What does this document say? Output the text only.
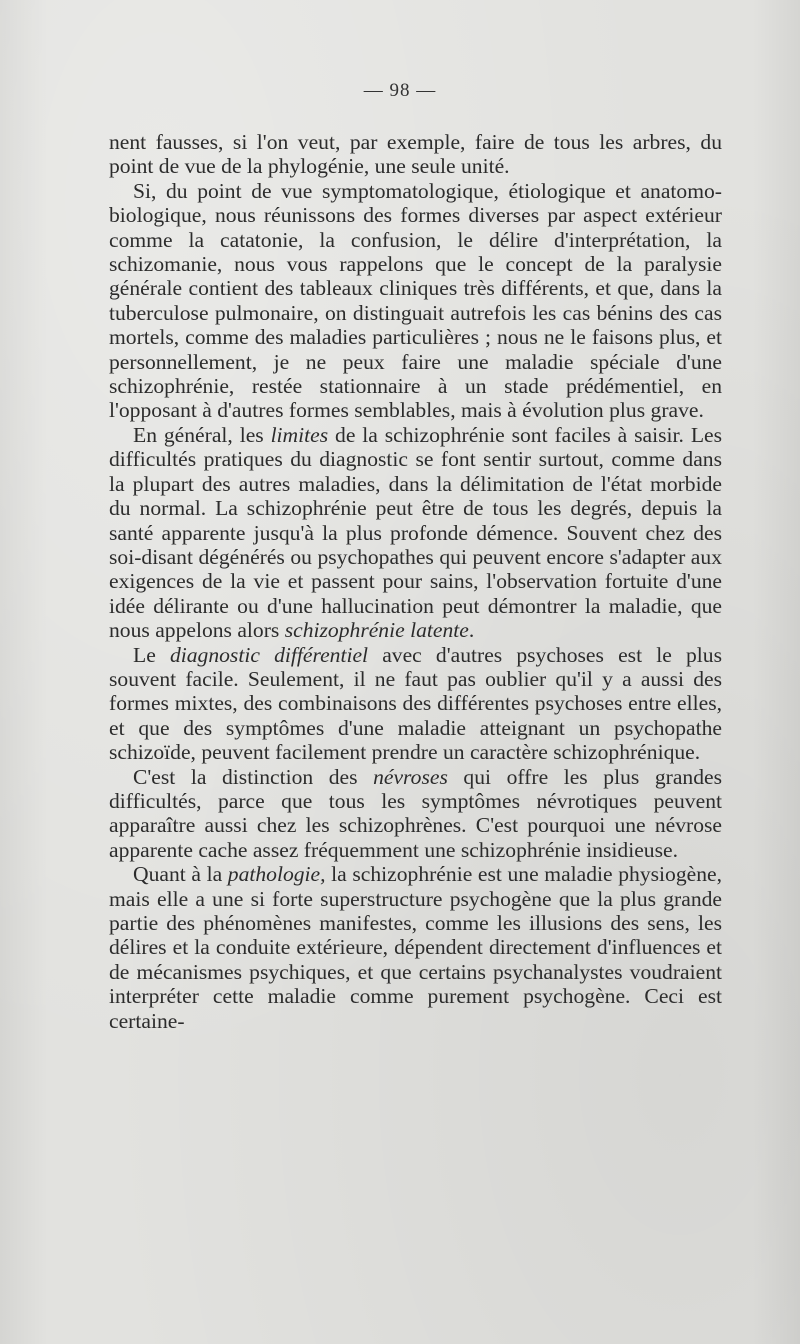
— 98 —

nent fausses, si l'on veut, par exemple, faire de tous les arbres, du point de vue de la phylogénie, une seule unité.

Si, du point de vue symptomatologique, étiologique et anatomo-biologique, nous réunissons des formes diverses par aspect extérieur comme la catatonie, la confusion, le délire d'interprétation, la schizomanie, nous vous rappelons que le concept de la paralysie générale contient des tableaux cliniques très différents, et que, dans la tuberculose pulmonaire, on distinguait autrefois les cas bénins des cas mortels, comme des maladies particulières ; nous ne le faisons plus, et personnellement, je ne peux faire une maladie spéciale d'une schizophrénie, restée stationnaire à un stade prédémentiel, en l'opposant à d'autres formes semblables, mais à évolution plus grave.

En général, les limites de la schizophrénie sont faciles à saisir. Les difficultés pratiques du diagnostic se font sentir surtout, comme dans la plupart des autres maladies, dans la délimitation de l'état morbide du normal. La schizophrénie peut être de tous les degrés, depuis la santé apparente jusqu'à la plus profonde démence. Souvent chez des soi-disant dégénérés ou psychopathes qui peuvent encore s'adapter aux exigences de la vie et passent pour sains, l'observation fortuite d'une idée délirante ou d'une hallucination peut démontrer la maladie, que nous appelons alors schizophrénie latente.

Le diagnostic différentiel avec d'autres psychoses est le plus souvent facile. Seulement, il ne faut pas oublier qu'il y a aussi des formes mixtes, des combinaisons des différentes psychoses entre elles, et que des symptômes d'une maladie atteignant un psychopathe schizoïde, peuvent facilement prendre un caractère schizophrénique.

C'est la distinction des névroses qui offre les plus grandes difficultés, parce que tous les symptômes névrotiques peuvent apparaître aussi chez les schizophrènes. C'est pourquoi une névrose apparente cache assez fréquemment une schizophrénie insidieuse.

Quant à la pathologie, la schizophrénie est une maladie physiogène, mais elle a une si forte superstructure psychogène que la plus grande partie des phénomènes manifestes, comme les illusions des sens, les délires et la conduite extérieure, dépendent directement d'influences et de mécanismes psychiques, et que certains psychanalystes voudraient interpréter cette maladie comme purement psychogène. Ceci est certaine-
